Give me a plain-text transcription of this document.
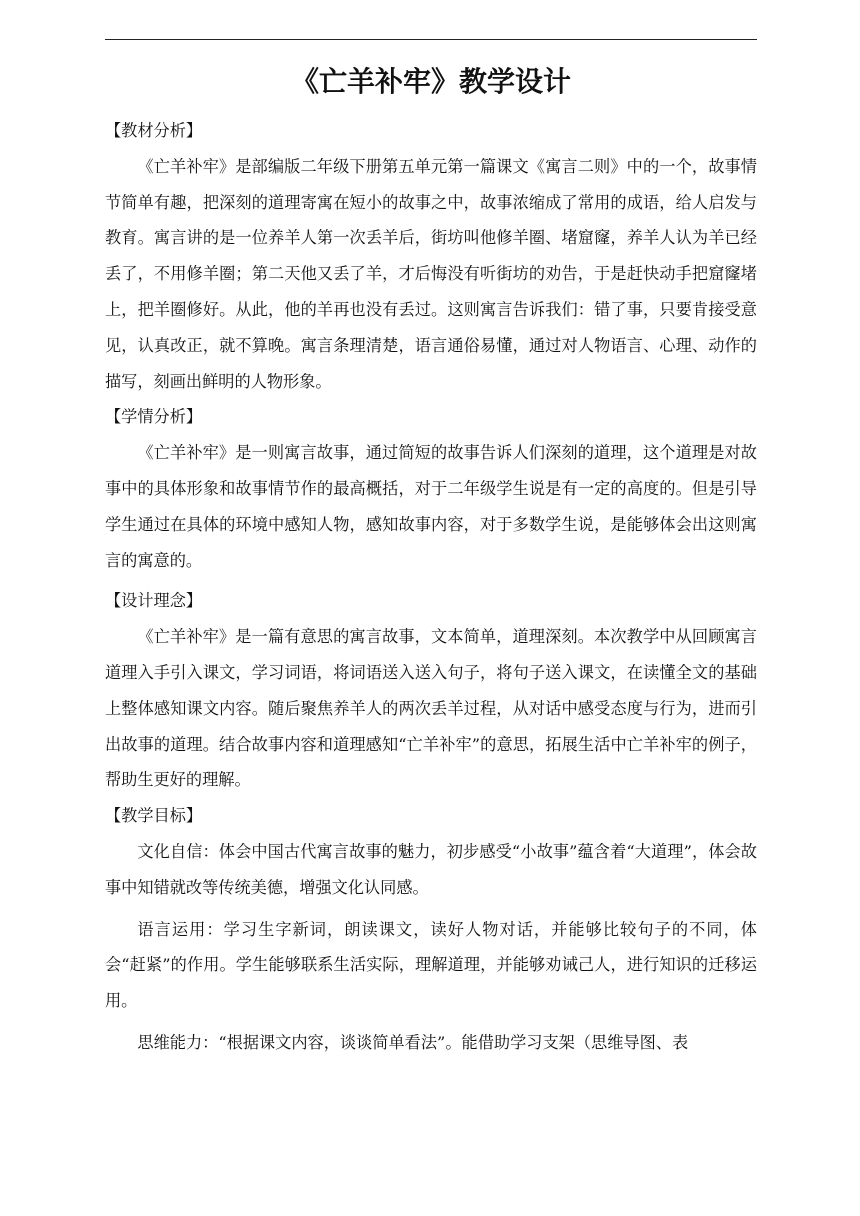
《亡羊补牢》教学设计
【教材分析】

《亡羊补牢》是部编版二年级下册第五单元第一篇课文《寓言二则》中的一个，故事情节简单有趣，把深刻的道理寄寓在短小的故事之中，故事浓缩成了常用的成语，给人启发与教育。寓言讲的是一位养羊人第一次丢羊后，街坊叫他修羊圈、堵窟窿，养羊人认为羊已经丢了，不用修羊圈；第二天他又丢了羊，才后悔没有听街坊的劝告，于是赶快动手把窟窿堵上，把羊圈修好。从此，他的羊再也没有丢过。这则寓言告诉我们：错了事，只要肯接受意见，认真改正，就不算晚。寓言条理清楚，语言通俗易懂，通过对人物语言、心理、动作的描写，刻画出鲜明的人物形象。

【学情分析】

《亡羊补牢》是一则寓言故事，通过简短的故事告诉人们深刻的道理，这个道理是对故事中的具体形象和故事情节作的最高概括，对于二年级学生说是有一定的高度的。但是引导学生通过在具体的环境中感知人物，感知故事内容，对于多数学生说，是能够体会出这则寓言的寓意的。

【设计理念】

《亡羊补牢》是一篇有意思的寓言故事，文本简单，道理深刻。本次教学中从回顾寓言道理入手引入课文，学习词语，将词语送入送入句子，将句子送入课文，在读懂全文的基础上整体感知课文内容。随后聚焦养羊人的两次丢羊过程，从对话中感受态度与行为，进而引出故事的道理。结合故事内容和道理感知“亡羊补牢”的意思，拓展生活中亡羊补牢的例子，帮助生更好的理解。

【教学目标】

文化自信：体会中国古代寓言故事的魅力，初步感受“小故事”蕴含着“大道理”，体会故事中知错就改等传统美德，增强文化认同感。

语言运用：学习生字新词，朗读课文，读好人物对话，并能够比较句子的不同，体会“赶紧”的作用。学生能够联系生活实际，理解道理，并能够劝诫己人，进行知识的迁移运用。

思维能力：“根据课文内容，谈谈简单看法”。能借助学习支架（思维导图、表
